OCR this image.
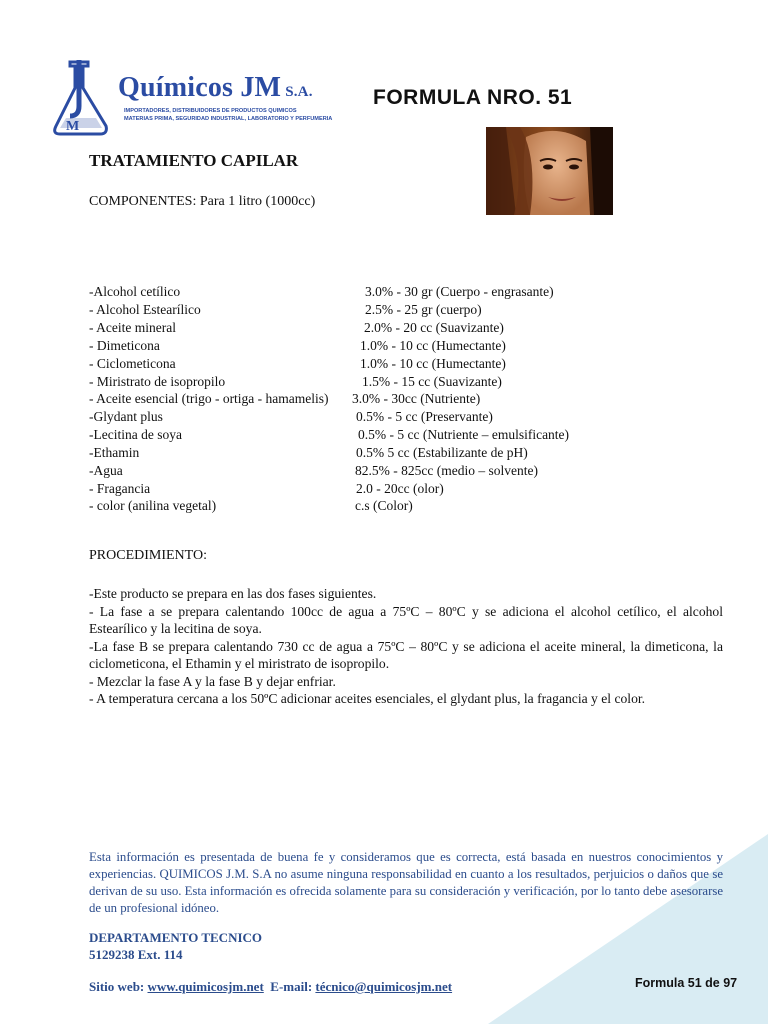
M
Químicos JM S.A.
IMPORTADORES, DISTRIBUIDORES DE PRODUCTOS QUIMICOS
MATERIAS PRIMA, SEGURIDAD INDUSTRIAL, LABORATORIO Y PERFUMERIA
FORMULA NRO. 51
TRATAMIENTO CAPILAR
COMPONENTES: Para 1 litro (1000cc)
-Alcohol cetílico	3.0% - 30 gr (Cuerpo - engrasante)
- Alcohol Estearílico	2.5% - 25 gr (cuerpo)
- Aceite mineral	2.0% - 20 cc (Suavizante)
- Dimeticona	1.0% - 10 cc (Humectante)
- Ciclometicona	1.0% - 10 cc (Humectante)
- Miristrato de isopropilo	1.5% - 15 cc (Suavizante)
- Aceite esencial (trigo - ortiga - hamamelis) 3.0% - 30cc (Nutriente)
-Glydant plus	0.5% - 5 cc (Preservante)
-Lecitina de soya	0.5% - 5 cc (Nutriente – emulsificante)
-Ethamin	0.5% 5 cc (Estabilizante de pH)
-Agua	82.5% - 825cc (medio – solvente)
- Fragancia	2.0 - 20cc (olor)
- color (anilina vegetal)	c.s (Color)
PROCEDIMIENTO:

-Este producto se prepara en las dos fases siguientes.

- La fase a se prepara calentando 100cc de agua a 75ºC – 80ºC y se adiciona el alcohol cetílico, el alcohol Estearílico y la lecitina de soya.

-La fase B se prepara calentando 730 cc de agua a 75ºC – 80ºC y se adiciona el aceite mineral, la dimeticona, la ciclometicona, el Ethamin y el miristrato de isopropilo.

- Mezclar la fase A y la fase B y dejar enfriar.

- A temperatura cercana a los 50ºC adicionar aceites esenciales, el glydant plus, la fragancia y el color.

Esta información es presentada de buena fe y consideramos que es correcta, está basada en nuestros conocimientos y experiencias. QUIMICOS J.M. S.A no asume ninguna responsabilidad en cuanto a los resultados, perjuicios o daños que se derivan de su uso. Esta información es ofrecida solamente para su consideración y verificación, por lo tanto debe asesorarse de un profesional idóneo.
DEPARTAMENTO TECNICO
5129238 Ext. 114
Sitio web: www.quimicosjm.net E-mail: técnico@quimicosjm.net	Formula 51 de 97
